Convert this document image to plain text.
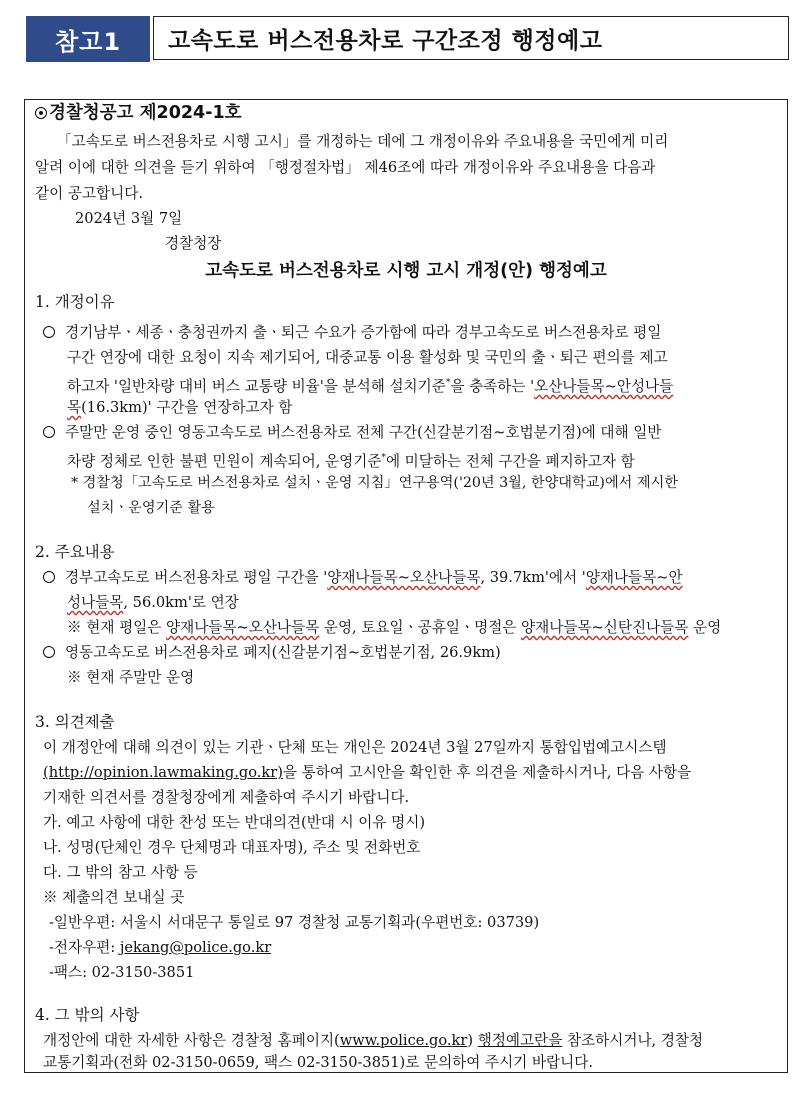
참고1	고속도로 버스전용차로 구간조정 행정예고
경찰청공고 제2024-1호
「고속도로 버스전용차로 시행 고시」를 개정하는 데에 그 개정이유와 주요내용을 국민에게 미리
알려 이에 대한 의견을 듣기 위하여 「행정절차법」 제46조에 따라 개정이유와 주요내용을 다음과
같이 공고합니다.
2024년 3월 7일
경찰청장
고속도로 버스전용차로 시행 고시 개정(안) 행정예고
1. 개정이유
경기남부ㆍ세종ㆍ충청권까지 출ㆍ퇴근 수요가 증가함에 따라 경부고속도로 버스전용차로 평일
구간 연장에 대한 요청이 지속 제기되어, 대중교통 이용 활성화 및 국민의 출ㆍ퇴근 편의를 제고
하고자 '일반차량 대비 버스 교통량 비율'을 분석해 설치기준*을 충족하는 '오산나들목~안성나들
목(16.3km)' 구간을 연장하고자 함
주말만 운영 중인 영동고속도로 버스전용차로 전체 구간(신갈분기점~호법분기점)에 대해 일반
차량 정체로 인한 불편 민원이 계속되어, 운영기준*에 미달하는 전체 구간을 폐지하고자 함
* 경찰청「고속도로 버스전용차로 설치ㆍ운영 지침」연구용역('20년 3월, 한양대학교)에서 제시한
설치ㆍ운영기준 활용
2. 주요내용
경부고속도로 버스전용차로 평일 구간을 '양재나들목~오산나들목, 39.7km'에서 '양재나들목~안
성나들목, 56.0km'로 연장
※ 현재 평일은 양재나들목~오산나들목 운영, 토요일ㆍ공휴일ㆍ명절은 양재나들목~신탄진나들목 운영
영동고속도로 버스전용차로 폐지(신갈분기점~호법분기점, 26.9km)
※ 현재 주말만 운영
3. 의견제출
이 개정안에 대해 의견이 있는 기관ㆍ단체 또는 개인은 2024년 3월 27일까지 통합입법예고시스템
(http://opinion.lawmaking.go.kr)을 통하여 고시안을 확인한 후 의견을 제출하시거나, 다음 사항을
기재한 의견서를 경찰청장에게 제출하여 주시기 바랍니다.
가. 예고 사항에 대한 찬성 또는 반대의견(반대 시 이유 명시)
나. 성명(단체인 경우 단체명과 대표자명), 주소 및 전화번호
다. 그 밖의 참고 사항 등
※ 제출의견 보내실 곳
-일반우편: 서울시 서대문구 통일로 97 경찰청 교통기획과(우편번호: 03739)
-전자우편: jekang@police.go.kr
-팩스: 02-3150-3851
4. 그 밖의 사항
개정안에 대한 자세한 사항은 경찰청 홈페이지(www.police.go.kr) 행정예고란을 참조하시거나, 경찰청
교통기획과(전화 02-3150-0659, 팩스 02-3150-3851)로 문의하여 주시기 바랍니다.
